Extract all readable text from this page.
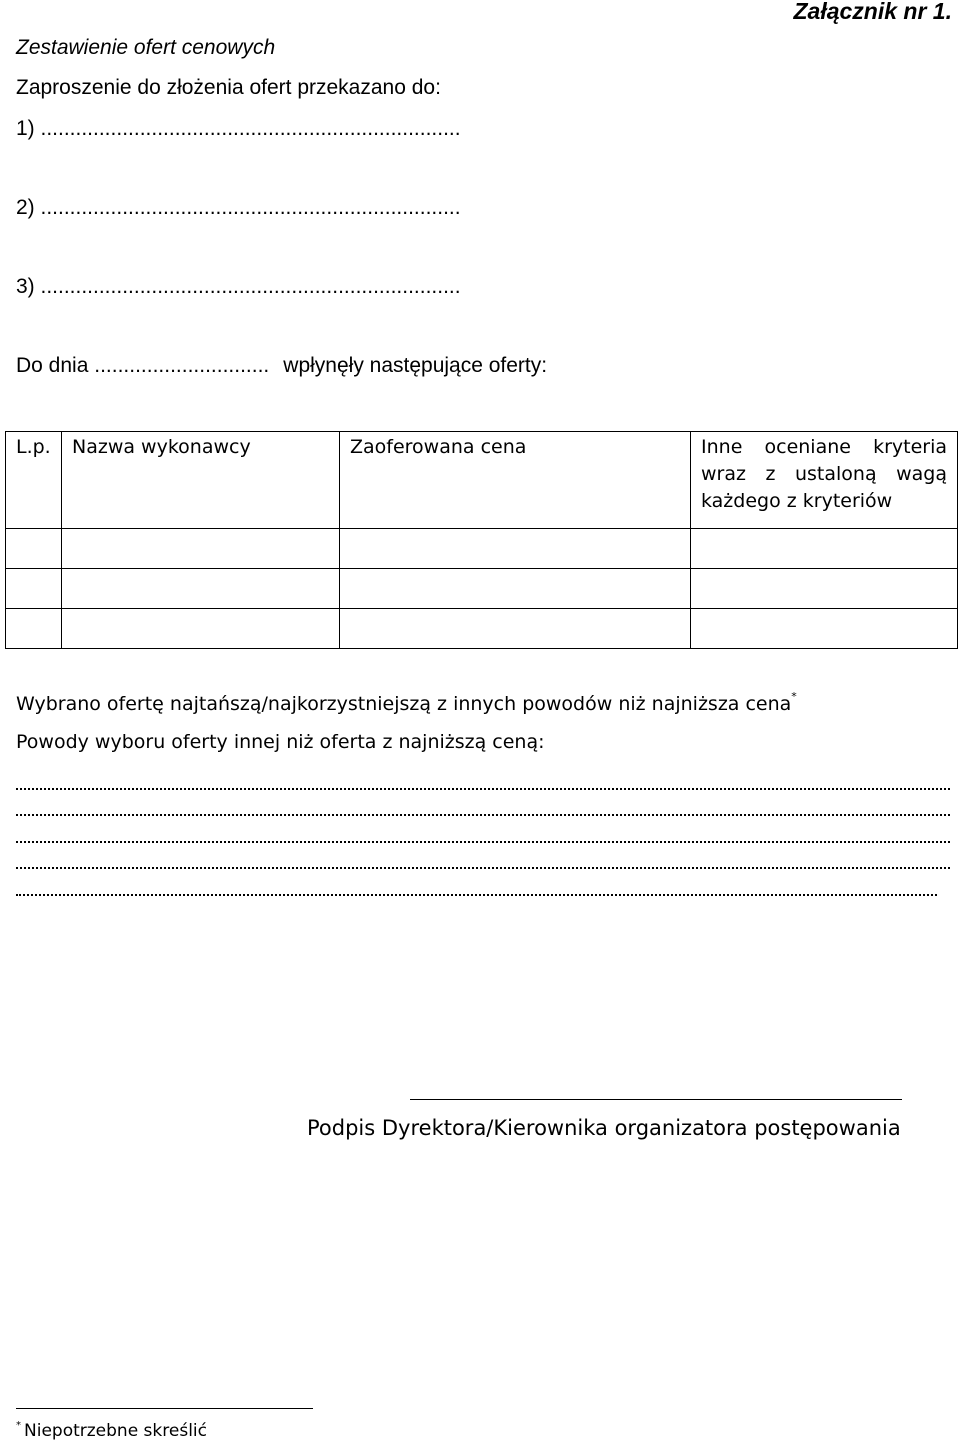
Załącznik nr 1.
Zestawienie ofert cenowych
Zaproszenie do złożenia ofert przekazano do:
1) ........................................................................
2) ........................................................................
3) ........................................................................
Do dnia .............................. wpłynęły następujące oferty:
L.p.	Nazwa wykonawcy	Zaoferowana cena	Inne oceniane kryteria wraz z ustaloną wagą każdego z kryteriów

Wybrano ofertę najtańszą/najkorzystniejszą z innych powodów niż najniższa cena*
Powody wyboru oferty innej niż oferta z najniższą ceną:
Podpis Dyrektora/Kierownika organizatora postępowania
* Niepotrzebne skreślić
